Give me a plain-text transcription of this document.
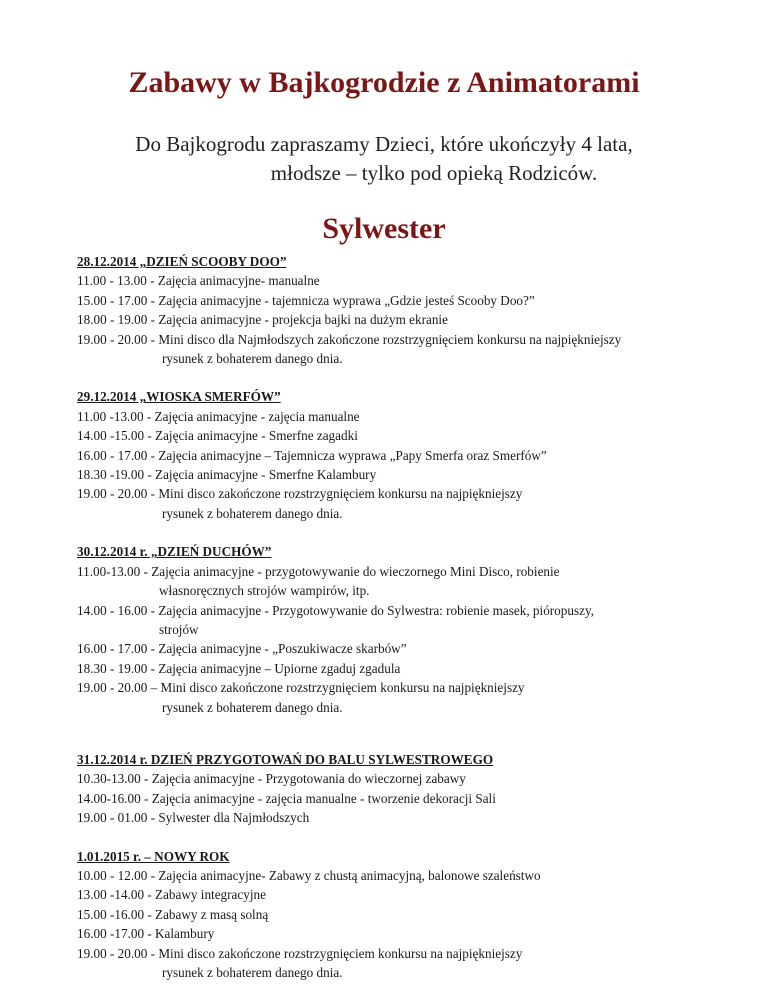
Zabawy w Bajkogrodzie z Animatorami
Do Bajkogrodu zapraszamy Dzieci, które ukończyły 4 lata,
młodsze – tylko pod opieką Rodziców.
Sylwester
28.12.2014 „DZIEŃ SCOOBY DOO”
11.00 - 13.00 - Zajęcia animacyjne- manualne
15.00 - 17.00 - Zajęcia animacyjne - tajemnicza wyprawa „Gdzie jesteś Scooby Doo?”
18.00 - 19.00 - Zajęcia animacyjne - projekcja bajki na dużym ekranie
19.00 - 20.00 - Mini disco dla Najmłodszych zakończone rozstrzygnięciem konkursu na najpiękniejszy
rysunek z bohaterem danego dnia.
29.12.2014 „WIOSKA SMERFÓW”
11.00 -13.00 - Zajęcia animacyjne - zajęcia manualne
14.00 -15.00 - Zajęcia animacyjne - Smerfne zagadki
16.00 - 17.00 - Zajęcia animacyjne – Tajemnicza wyprawa „Papy Smerfa oraz Smerfów”
18.30 -19.00 - Zajęcia animacyjne - Smerfne Kalambury
19.00 - 20.00 - Mini disco zakończone rozstrzygnięciem konkursu na najpiękniejszy
rysunek z bohaterem danego dnia.
30.12.2014 r. „DZIEŃ DUCHÓW”
11.00-13.00 - Zajęcia animacyjne - przygotowywanie do wieczornego Mini Disco, robienie
własnoręcznych strojów wampirów, itp.
14.00 - 16.00 - Zajęcia animacyjne - Przygotowywanie do Sylwestra: robienie masek, pióropuszy,
strojów
16.00 - 17.00 - Zajęcia animacyjne - „Poszukiwacze skarbów”
18.30 - 19.00 - Zajęcia animacyjne – Upiorne zgaduj zgadula
19.00 - 20.00 – Mini disco zakończone rozstrzygnięciem konkursu na najpiękniejszy
rysunek z bohaterem danego dnia.
31.12.2014 r. DZIEŃ PRZYGOTOWAŃ DO BALU SYLWESTROWEGO
10.30-13.00 - Zajęcia animacyjne - Przygotowania do wieczornej zabawy
14.00-16.00 - Zajęcia animacyjne - zajęcia manualne - tworzenie dekoracji Sali
19.00 - 01.00 - Sylwester dla Najmłodszych
1.01.2015 r. – NOWY ROK
10.00 - 12.00 - Zajęcia animacyjne- Zabawy z chustą animacyjną, balonowe szaleństwo
13.00 -14.00 - Zabawy integracyjne
15.00 -16.00 - Zabawy z masą solną
16.00 -17.00 - Kalambury
19.00 - 20.00 - Mini disco zakończone rozstrzygnięciem konkursu na najpiękniejszy
rysunek z bohaterem danego dnia.
